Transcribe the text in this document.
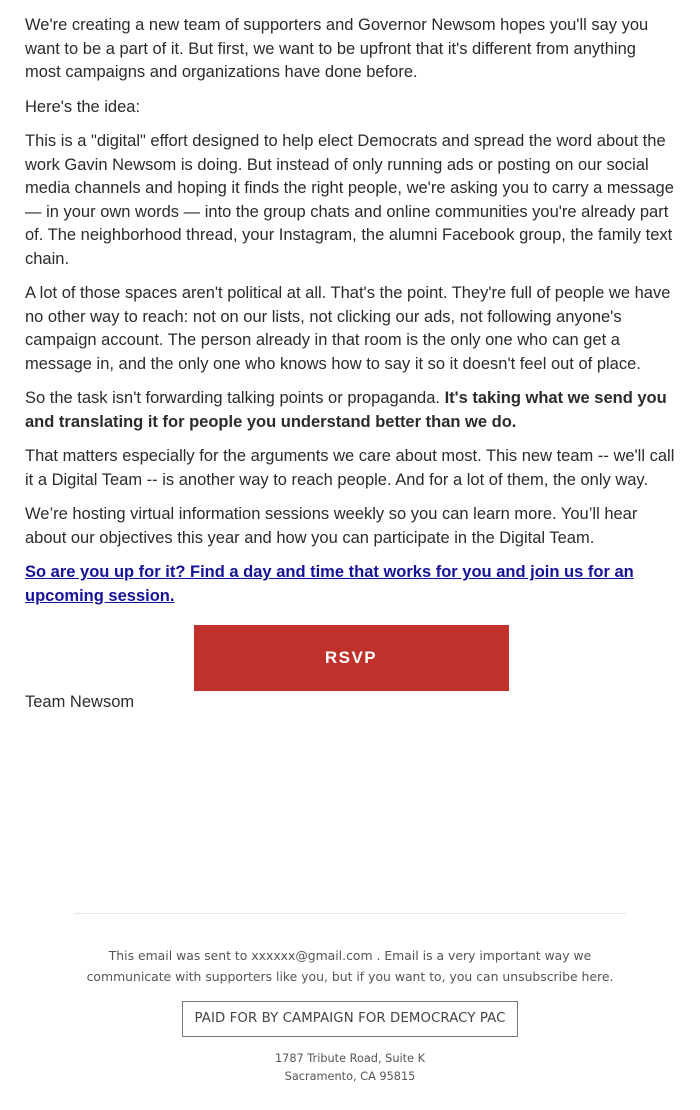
We're creating a new team of supporters and Governor Newsom hopes you'll say you want to be a part of it. But first, we want to be upfront that it's different from anything most campaigns and organizations have done before.

Here's the idea:

This is a "digital" effort designed to help elect Democrats and spread the word about the work Gavin Newsom is doing. But instead of only running ads or posting on our social media channels and hoping it finds the right people, we're asking you to carry a message — in your own words — into the group chats and online communities you're already part of. The neighborhood thread, your Instagram, the alumni Facebook group, the family text chain.

A lot of those spaces aren't political at all. That's the point. They're full of people we have no other way to reach: not on our lists, not clicking our ads, not following anyone's campaign account. The person already in that room is the only one who can get a message in, and the only one who knows how to say it so it doesn't feel out of place.

So the task isn't forwarding talking points or propaganda. It's taking what we send you and translating it for people you understand better than we do.

That matters especially for the arguments we care about most. This new team -- we'll call it a Digital Team -- is another way to reach people. And for a lot of them, the only way.

We’re hosting virtual information sessions weekly so you can learn more. You’ll hear about our objectives this year and how you can participate in the Digital Team.

So are you up for it? Find a day and time that works for you and join us for an upcoming session.
RSVP

Team Newsom

This email was sent to xxxxxx@gmail.com . Email is a very important way we communicate with supporters like you, but if you want to, you can unsubscribe here.

PAID FOR BY CAMPAIGN FOR DEMOCRACY PAC
1787 Tribute Road, Suite K
Sacramento, CA 95815
